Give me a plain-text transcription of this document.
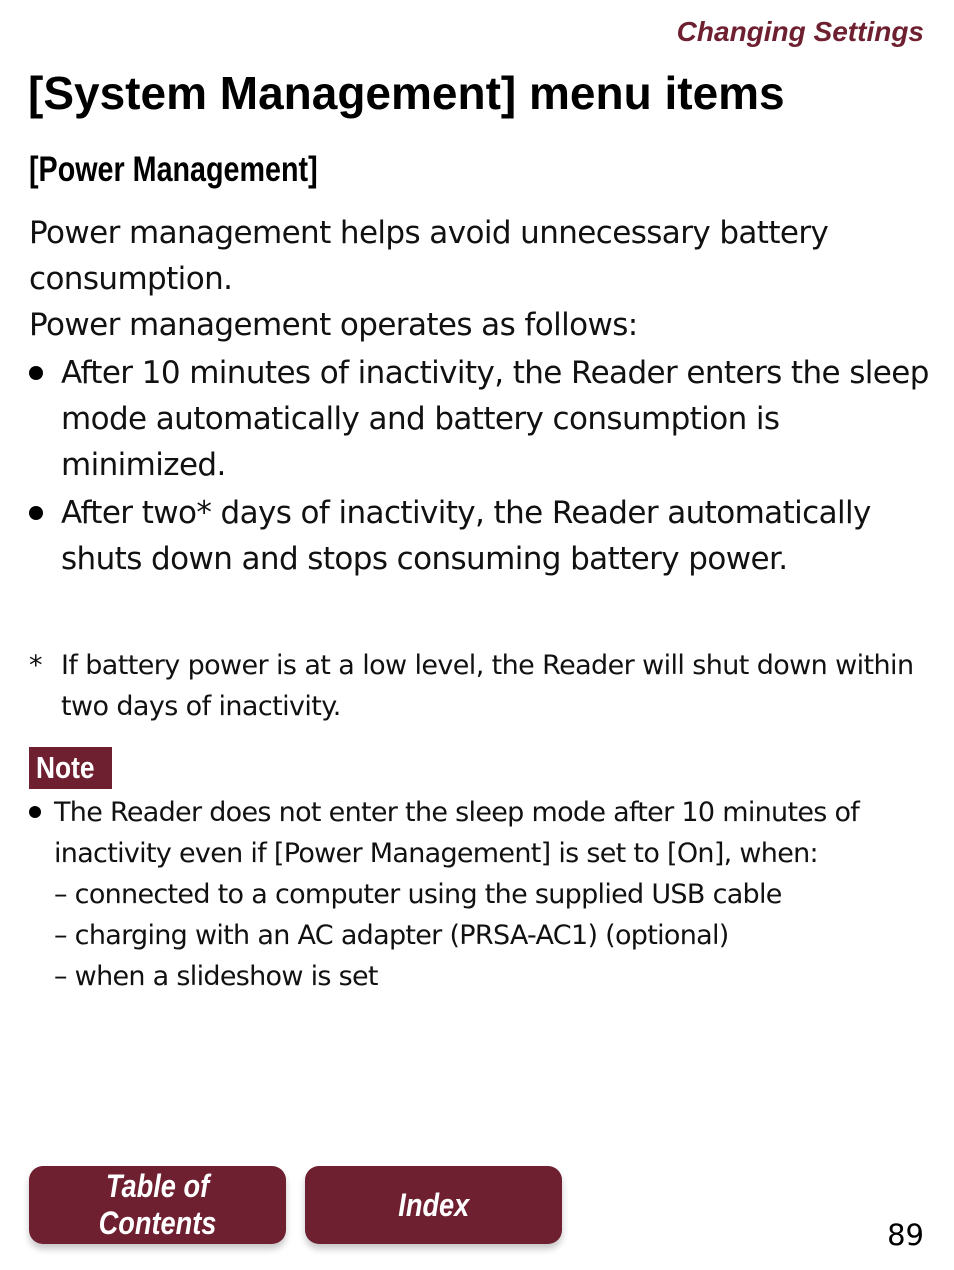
Changing Settings
[System Management] menu items
[Power Management]

Power management helps avoid unnecessary battery consumption.

Power management operates as follows:

After 10 minutes of inactivity, the Reader enters the sleep mode automatically and battery consumption is minimized.
After two* days of inactivity, the Reader automatically shuts down and stops consuming battery power.
* If battery power is at a low level, the Reader will shut down within two days of inactivity.
Note
The Reader does not enter the sleep mode after 10 minutes of inactivity even if [Power Management] is set to [On], when:
– connected to a computer using the supplied USB cable
– charging with an AC adapter (PRSA-AC1) (optional)
– when a slideshow is set
Table of Contents
Index
89
